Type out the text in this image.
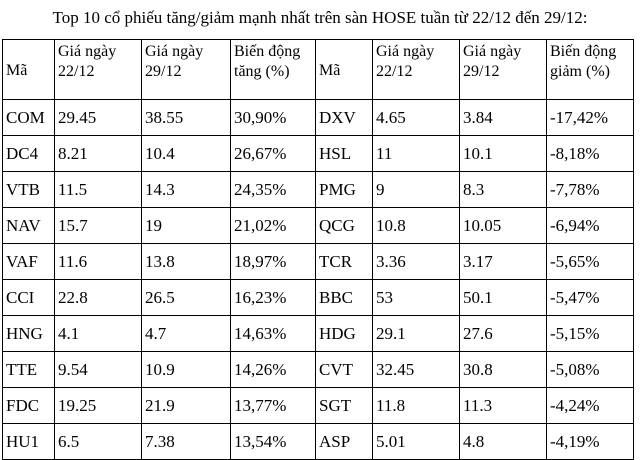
Top 10 cổ phiếu tăng/giảm mạnh nhất trên sàn HOSE tuần từ 22/12 đến 29/12:
Mã	Giá ngày 22/12	Giá ngày 29/12	Biến động tăng (%)	Mã	Giá ngày 22/12	Giá ngày 29/12	Biến động giảm (%)
COM	29.45	38.55	30,90%	DXV	4.65	3.84	-17,42%
DC4	8.21	10.4	26,67%	HSL	11	10.1	-8,18%
VTB	11.5	14.3	24,35%	PMG	9	8.3	-7,78%
NAV	15.7	19	21,02%	QCG	10.8	10.05	-6,94%
VAF	11.6	13.8	18,97%	TCR	3.36	3.17	-5,65%
CCI	22.8	26.5	16,23%	BBC	53	50.1	-5,47%
HNG	4.1	4.7	14,63%	HDG	29.1	27.6	-5,15%
TTE	9.54	10.9	14,26%	CVT	32.45	30.8	-5,08%
FDC	19.25	21.9	13,77%	SGT	11.8	11.3	-4,24%
HU1	6.5	7.38	13,54%	ASP	5.01	4.8	-4,19%
